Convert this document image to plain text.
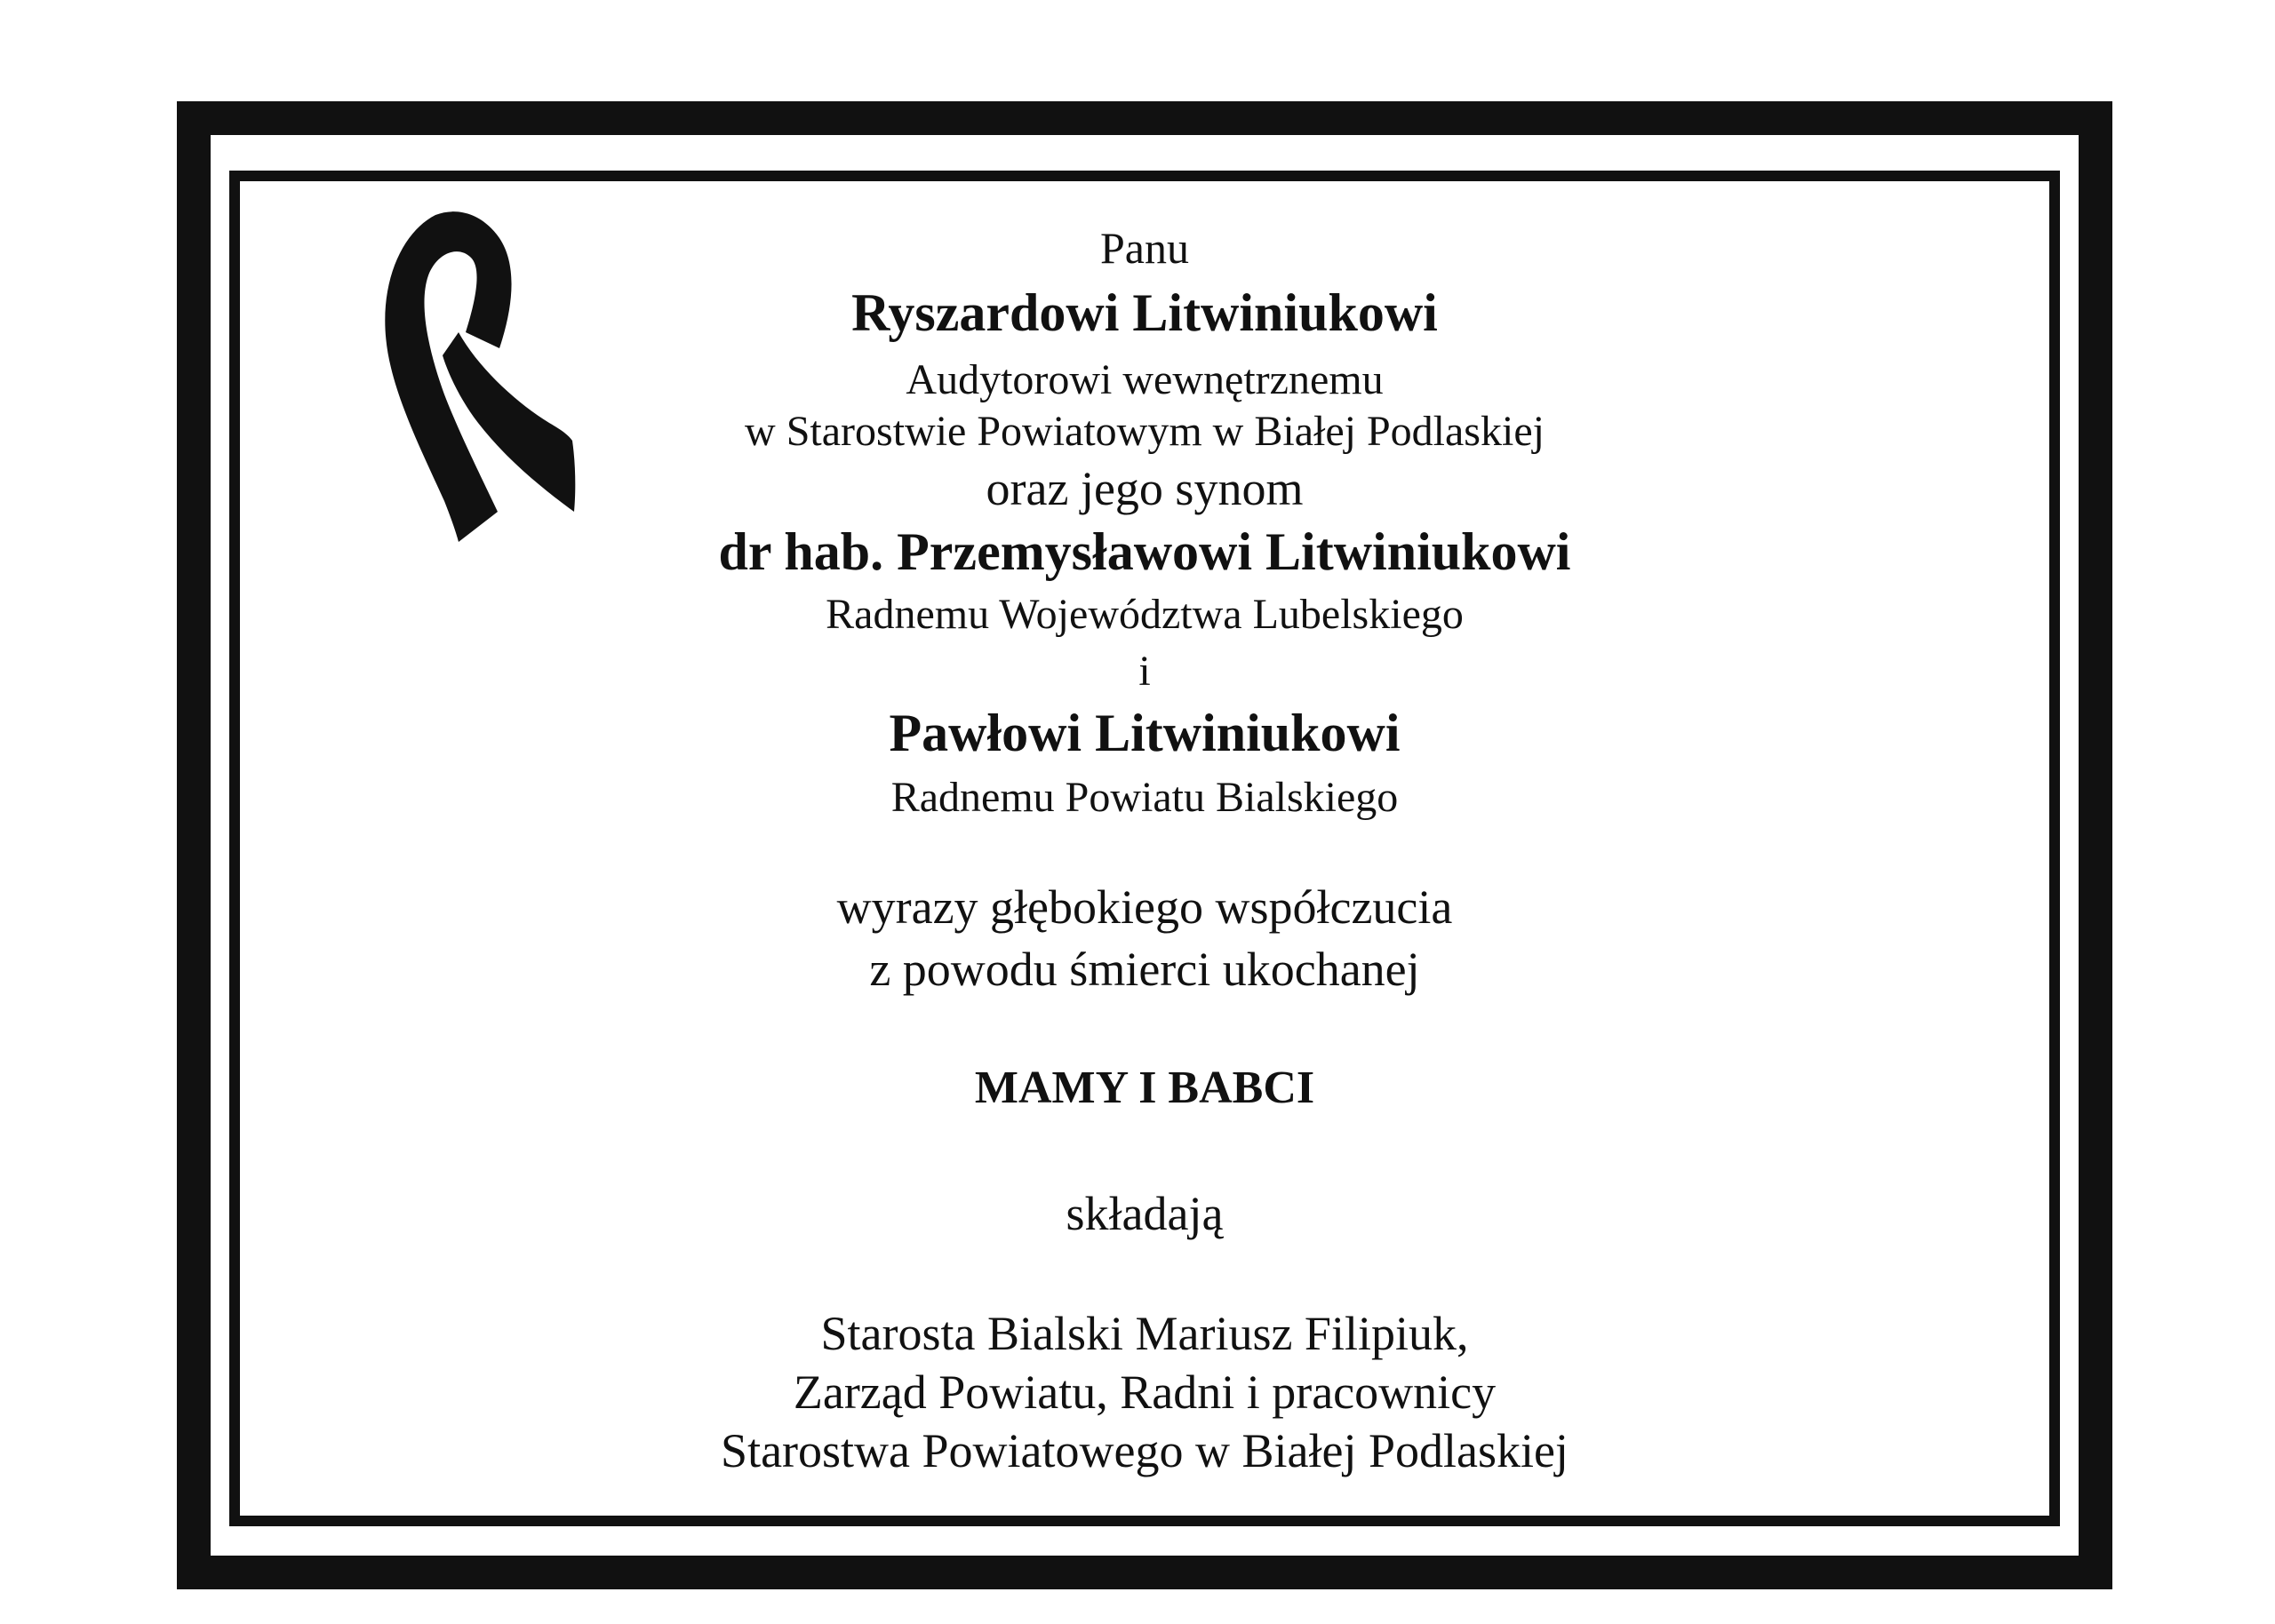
Panu
Ryszardowi Litwiniukowi
Audytorowi wewnętrznemu
w Starostwie Powiatowym w Białej Podlaskiej
oraz jego synom
dr hab. Przemysławowi Litwiniukowi
Radnemu Województwa Lubelskiego
i
Pawłowi Litwiniukowi
Radnemu Powiatu Bialskiego
wyrazy głębokiego współczucia
z powodu śmierci ukochanej
MAMY I BABCI
składają
Starosta Bialski Mariusz Filipiuk,
Zarząd Powiatu, Radni i pracownicy
Starostwa Powiatowego w Białej Podlaskiej
